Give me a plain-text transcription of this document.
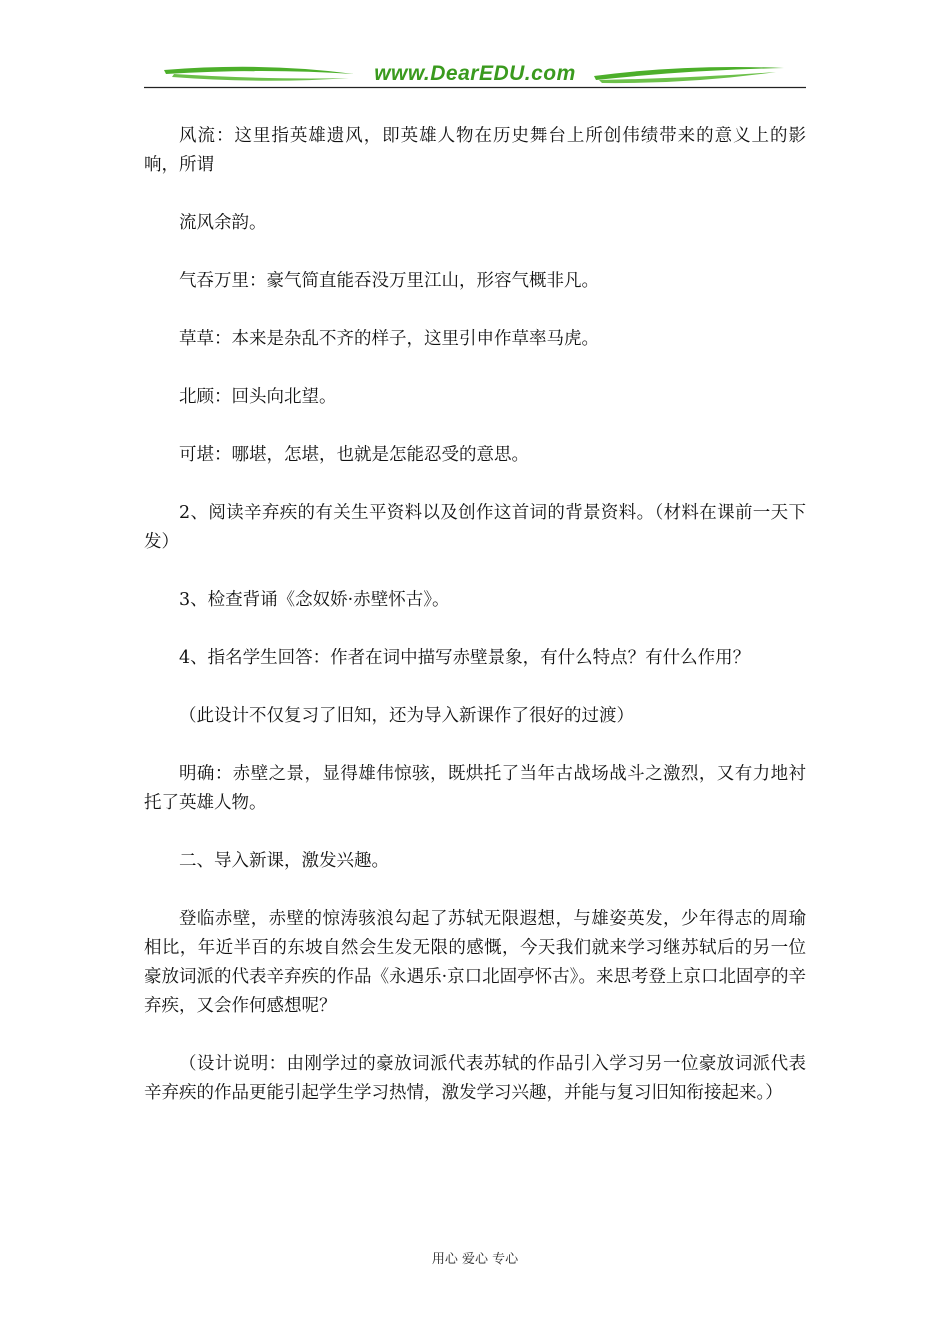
www.DearEDU.com

风流：这里指英雄遗风，即英雄人物在历史舞台上所创伟绩带来的意义上的影响，所谓

流风余韵。

气吞万里：豪气简直能吞没万里江山，形容气概非凡。

草草：本来是杂乱不齐的样子，这里引申作草率马虎。

北顾：回头向北望。

可堪：哪堪，怎堪，也就是怎能忍受的意思。

2、阅读辛弃疾的有关生平资料以及创作这首词的背景资料。（材料在课前一天下发）

3、检查背诵《念奴娇·赤壁怀古》。

4、指名学生回答：作者在词中描写赤壁景象，有什么特点？有什么作用？

（此设计不仅复习了旧知，还为导入新课作了很好的过渡）

明确：赤壁之景，显得雄伟惊骇，既烘托了当年古战场战斗之激烈，又有力地衬托了英雄人物。

二、导入新课，激发兴趣。

登临赤壁，赤壁的惊涛骇浪勾起了苏轼无限遐想，与雄姿英发，少年得志的周瑜相比，年近半百的东坡自然会生发无限的感慨，今天我们就来学习继苏轼后的另一位豪放词派的代表辛弃疾的作品《永遇乐·京口北固亭怀古》。来思考登上京口北固亭的辛弃疾，又会作何感想呢？

（设计说明：由刚学过的豪放词派代表苏轼的作品引入学习另一位豪放词派代表辛弃疾的作品更能引起学生学习热情，激发学习兴趣，并能与复习旧知衔接起来。）

用心 爱心 专心
